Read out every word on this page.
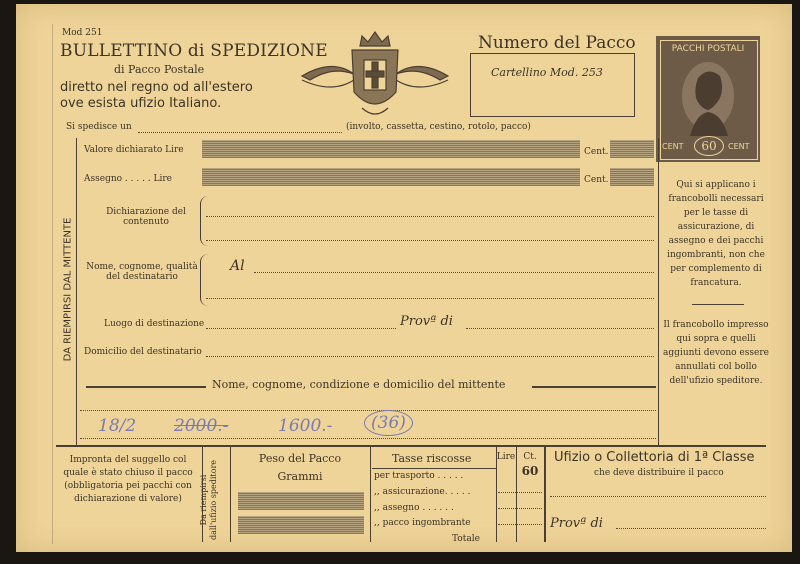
Mod 251
BULLETTINO di SPEDIZIONE
di Pacco Postale
diretto nel regno od all'estero
ove esista ufizio Italiano.
Numero del Pacco
Cartellino Mod. 253
PACCHI POSTALI
CENT	60	CENT
Si spedisce un	(involto, cassetta, cestino, rotolo, pacco)
DA RIEMPIRSI DAL MITTENTE
Valore dichiarato Lire	Cent.
Assegno . . . . . Lire	Cent.
Dichiarazione del contenuto
Nome, cognome, qualità del destinatario
Al
Luogo di destinazione	Provª di
Domicilio del destinatario
Nome, cognome, condizione e domicilio del mittente
18/2 2000.-	1600.-	(36)
Qui si applicano i francobolli necessari per le tasse di assicurazione, di assegno e dei pacchi ingombranti, non che per complemento di francatura.
Il francobollo impresso qui sopra e quelli aggiunti devono essere annullati col bollo dell'ufizio speditore.
Impronta del suggello col quale è stato chiuso il pacco (obbligatoria pei pacchi con dichiarazione di valore)	Da riempirsi dall'ufizio speditore
Peso del Pacco
Grammi
Tasse riscosse
per trasporto . . . . .
,, assicurazione. . . . .
,, assegno . . . . . .
,, pacco ingombrante
Totale
Lire Ct.
60
Ufizio o Collettoria di 1ª Classe
che deve distribuire il pacco
Provª di
